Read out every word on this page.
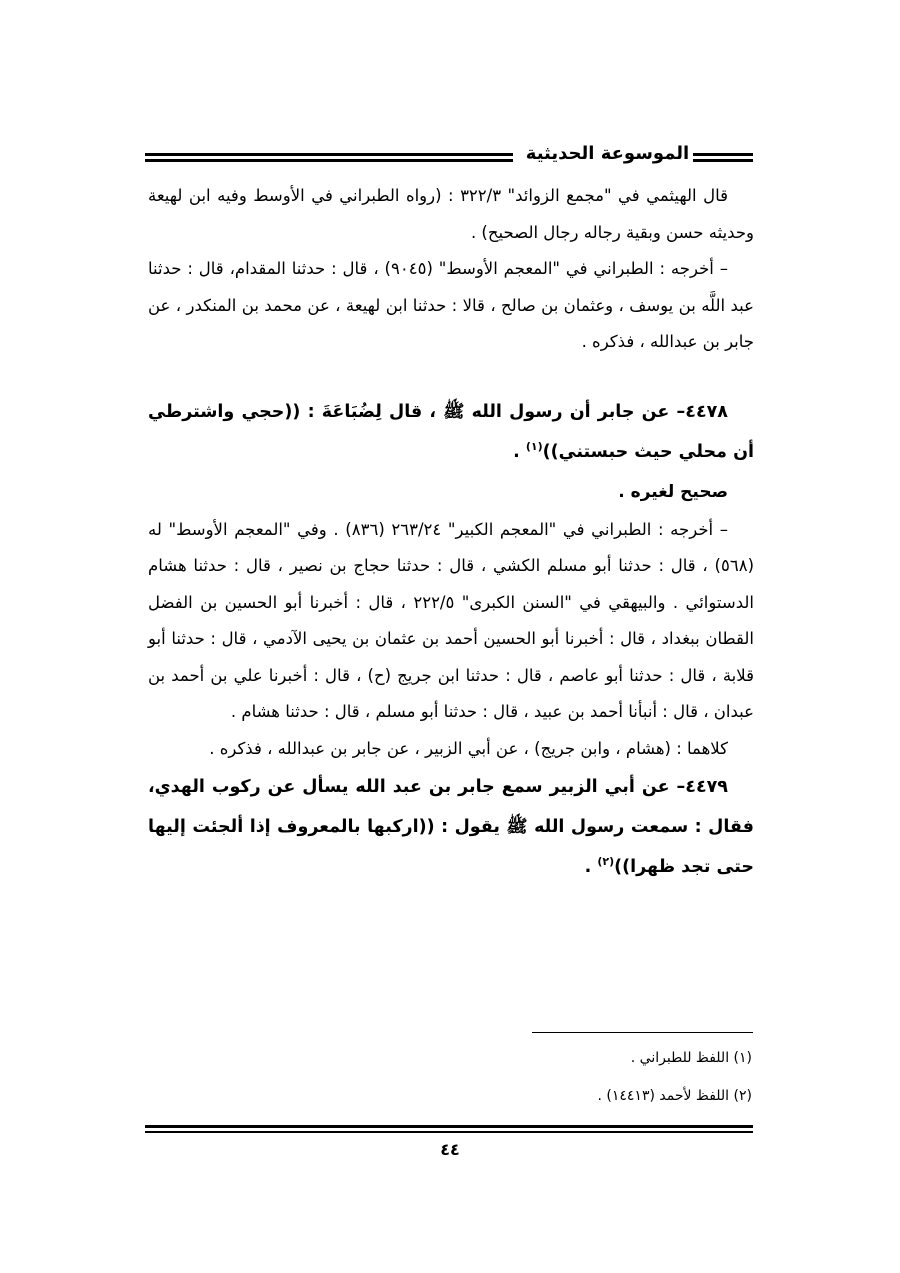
الموسوعة الحديثية

قال الهيثمي في "مجمع الزوائد" ٣٢٢/٣ : (رواه الطبراني في الأوسط وفيه ابن لهيعة وحديثه حسن وبقية رجاله رجال الصحيح) .

– أخرجه : الطبراني في "المعجم الأوسط" (٩٠٤٥) ، قال : حدثنا المقدام، قال : حدثنا عبد اللَّه بن يوسف ، وعثمان بن صالح ، قالا : حدثنا ابن لهيعة ، عن محمد بن المنكدر ، عن جابر بن عبدالله ، فذكره .

٤٤٧٨– عن جابر أن رسول الله ﷺ ، قال لِضُبَاعَةَ : ((حجي واشترطي أن محلي حيث حبستني))$^{(١)}$ .

صحيح لغيره .

– أخرجه : الطبراني في "المعجم الكبير" ٢٦٣/٢٤ (٨٣٦) . وفي "المعجم الأوسط" له (٥٦٨) ، قال : حدثنا أبو مسلم الكشي ، قال : حدثنا حجاج بن نصير ، قال : حدثنا هشام الدستوائي . والبيهقي في "السنن الكبرى" ٢٢٢/٥ ، قال : أخبرنا أبو الحسين بن الفضل القطان ببغداد ، قال : أخبرنا أبو الحسين أحمد بن عثمان بن يحيى الآدمي ، قال : حدثنا أبو قلابة ، قال : حدثنا أبو عاصم ، قال : حدثنا ابن جريج (ح) ، قال : أخبرنا علي بن أحمد بن عبدان ، قال : أنبأنا أحمد بن عبيد ، قال : حدثنا أبو مسلم ، قال : حدثنا هشام .

كلاهما : (هشام ، وابن جريج) ، عن أبي الزبير ، عن جابر بن عبدالله ، فذكره .

٤٤٧٩– عن أبي الزبير سمع جابر بن عبد الله يسأل عن ركوب الهدي، فقال : سمعت رسول الله ﷺ يقول : ((اركبها بالمعروف إذا ألجئت إليها حتى تجد ظهرا))$^{(٢)}$ .

(١) اللفظ للطبراني .
(٢) اللفظ لأحمد (١٤٤١٣) .
٤٤
